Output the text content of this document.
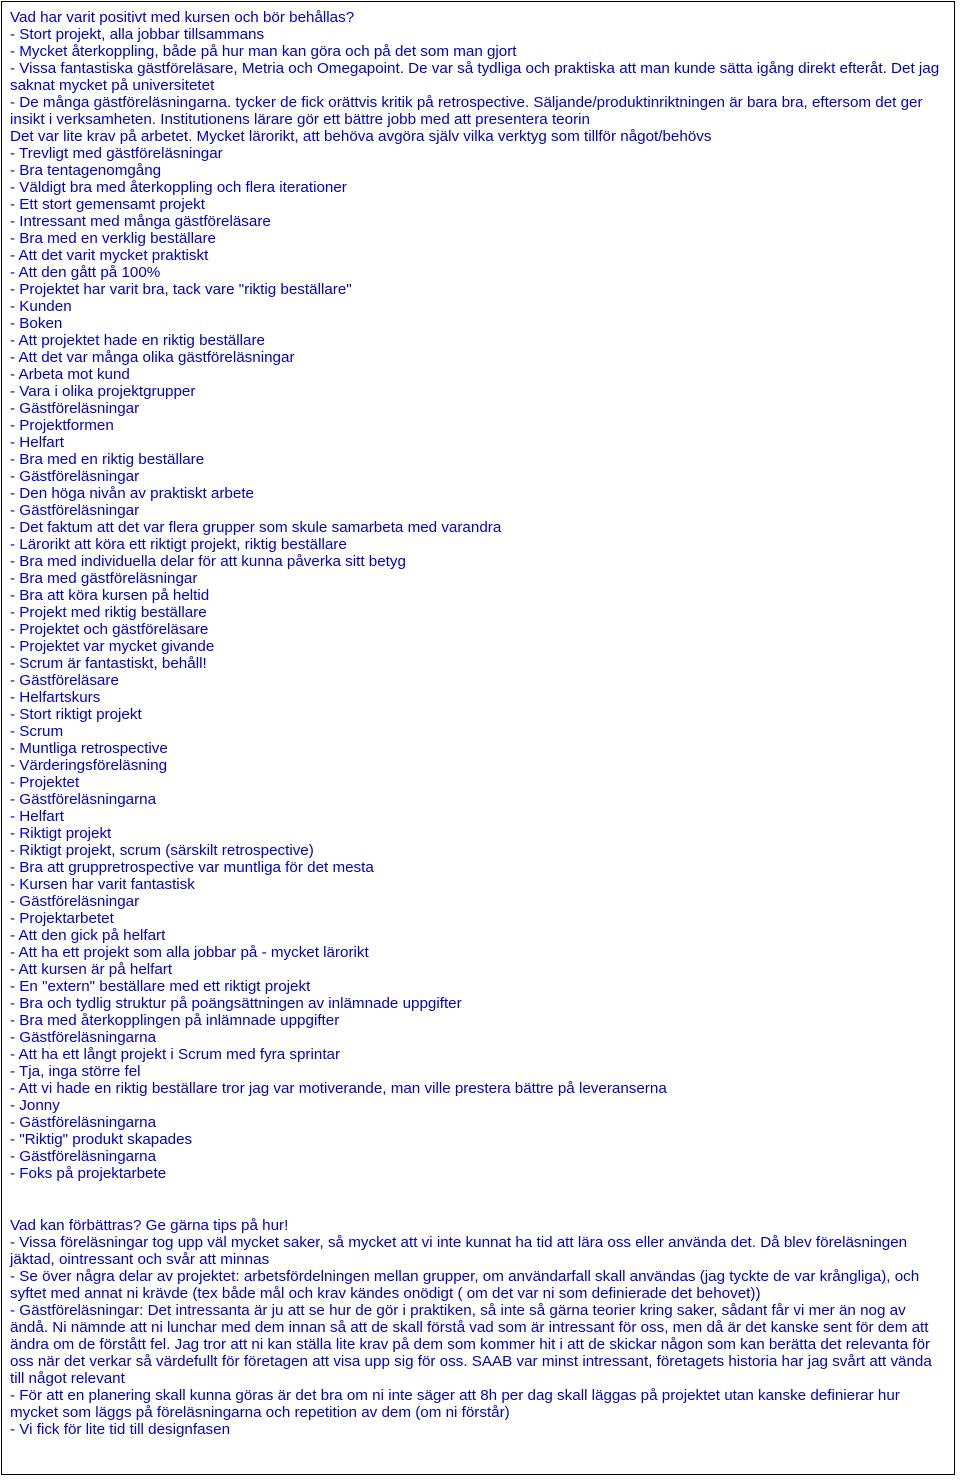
Vad har varit positivt med kursen och bör behållas?
- Stort projekt, alla jobbar tillsammans
- Mycket återkoppling, både på hur man kan göra och på det som man gjort
- Vissa fantastiska gästföreläsare, Metria och Omegapoint. De var så tydliga och praktiska att man kunde sätta igång direkt efteråt. Det jag saknat mycket på universitetet
- De många gästföreläsningarna. tycker de fick orättvis kritik på retrospective. Säljande/produktinriktningen är bara bra, eftersom det ger insikt i verksamheten. Institutionens lärare gör ett bättre jobb med att presentera teorin
Det var lite krav på arbetet. Mycket lärorikt, att behöva avgöra själv vilka verktyg som tillför något/behövs
- Trevligt med gästföreläsningar
- Bra tentagenomgång
- Väldigt bra med återkoppling och flera iterationer
- Ett stort gemensamt projekt
- Intressant med många gästföreläsare
- Bra med en verklig beställare
- Att det varit mycket praktiskt
- Att den gått på 100%
- Projektet har varit bra, tack vare "riktig beställare"
- Kunden
- Boken
- Att projektet hade en riktig beställare
- Att det var många olika gästföreläsningar
- Arbeta mot kund
- Vara i olika projektgrupper
- Gästföreläsningar
- Projektformen
- Helfart
- Bra med en riktig beställare
- Gästföreläsningar
- Den höga nivån av praktiskt arbete
- Gästföreläsningar
- Det faktum att det var flera grupper som skule samarbeta med varandra
- Lärorikt att köra ett riktigt projekt, riktig beställare
- Bra med individuella delar för att kunna påverka sitt betyg
- Bra med gästföreläsningar
- Bra att köra kursen på heltid
- Projekt med riktig beställare
- Projektet och gästföreläsare
- Projektet var mycket givande
- Scrum är fantastiskt, behåll!
- Gästföreläsare
- Helfartskurs
- Stort riktigt projekt
- Scrum
- Muntliga retrospective
- Värderingsföreläsning
- Projektet
- Gästföreläsningarna
- Helfart
- Riktigt projekt
- Riktigt projekt, scrum (särskilt retrospective)
- Bra att gruppretrospective var muntliga för det mesta
- Kursen har varit fantastisk
- Gästföreläsningar
- Projektarbetet
- Att den gick på helfart
- Att ha ett projekt som alla jobbar på - mycket lärorikt
- Att kursen är på helfart
- En "extern" beställare med ett riktigt projekt
- Bra och tydlig struktur på poängsättningen av inlämnade uppgifter
- Bra med återkopplingen på inlämnade uppgifter
- Gästföreläsningarna
- Att ha ett långt projekt i Scrum med fyra sprintar
- Tja, inga större fel
- Att vi hade en riktig beställare tror jag var motiverande, man ville prestera bättre på leveranserna
- Jonny
- Gästföreläsningarna
- "Riktig" produkt skapades
- Gästföreläsningarna
- Foks på projektarbete
Vad kan förbättras? Ge gärna tips på hur!
- Vissa föreläsningar tog upp väl mycket saker, så mycket att vi inte kunnat ha tid att lära oss eller använda det. Då blev föreläsningen jäktad, ointressant och svår att minnas
- Se över några delar av projektet: arbetsfördelningen mellan grupper, om användarfall skall användas (jag tyckte de var krångliga), och syftet med annat ni krävde (tex både mål och krav kändes onödigt ( om det var ni som definierade det behovet))
- Gästföreläsningar: Det intressanta är ju att se hur de gör i praktiken, så inte så gärna teorier kring saker, sådant får vi mer än nog av ändå. Ni nämnde att ni lunchar med dem innan så att de skall förstå vad som är intressant för oss, men då är det kanske sent för dem att ändra om de förstått fel. Jag tror att ni kan ställa lite krav på dem som kommer hit i att de skickar någon som kan berätta det relevanta för oss när det verkar så värdefullt för företagen att visa upp sig för oss. SAAB var minst intressant, företagets historia har jag svårt att vända till något relevant
- För att en planering skall kunna göras är det bra om ni inte säger att 8h per dag skall läggas på projektet utan kanske definierar hur mycket som läggs på föreläsningarna och repetition av dem (om ni förstår)
- Vi fick för lite tid till designfasen
